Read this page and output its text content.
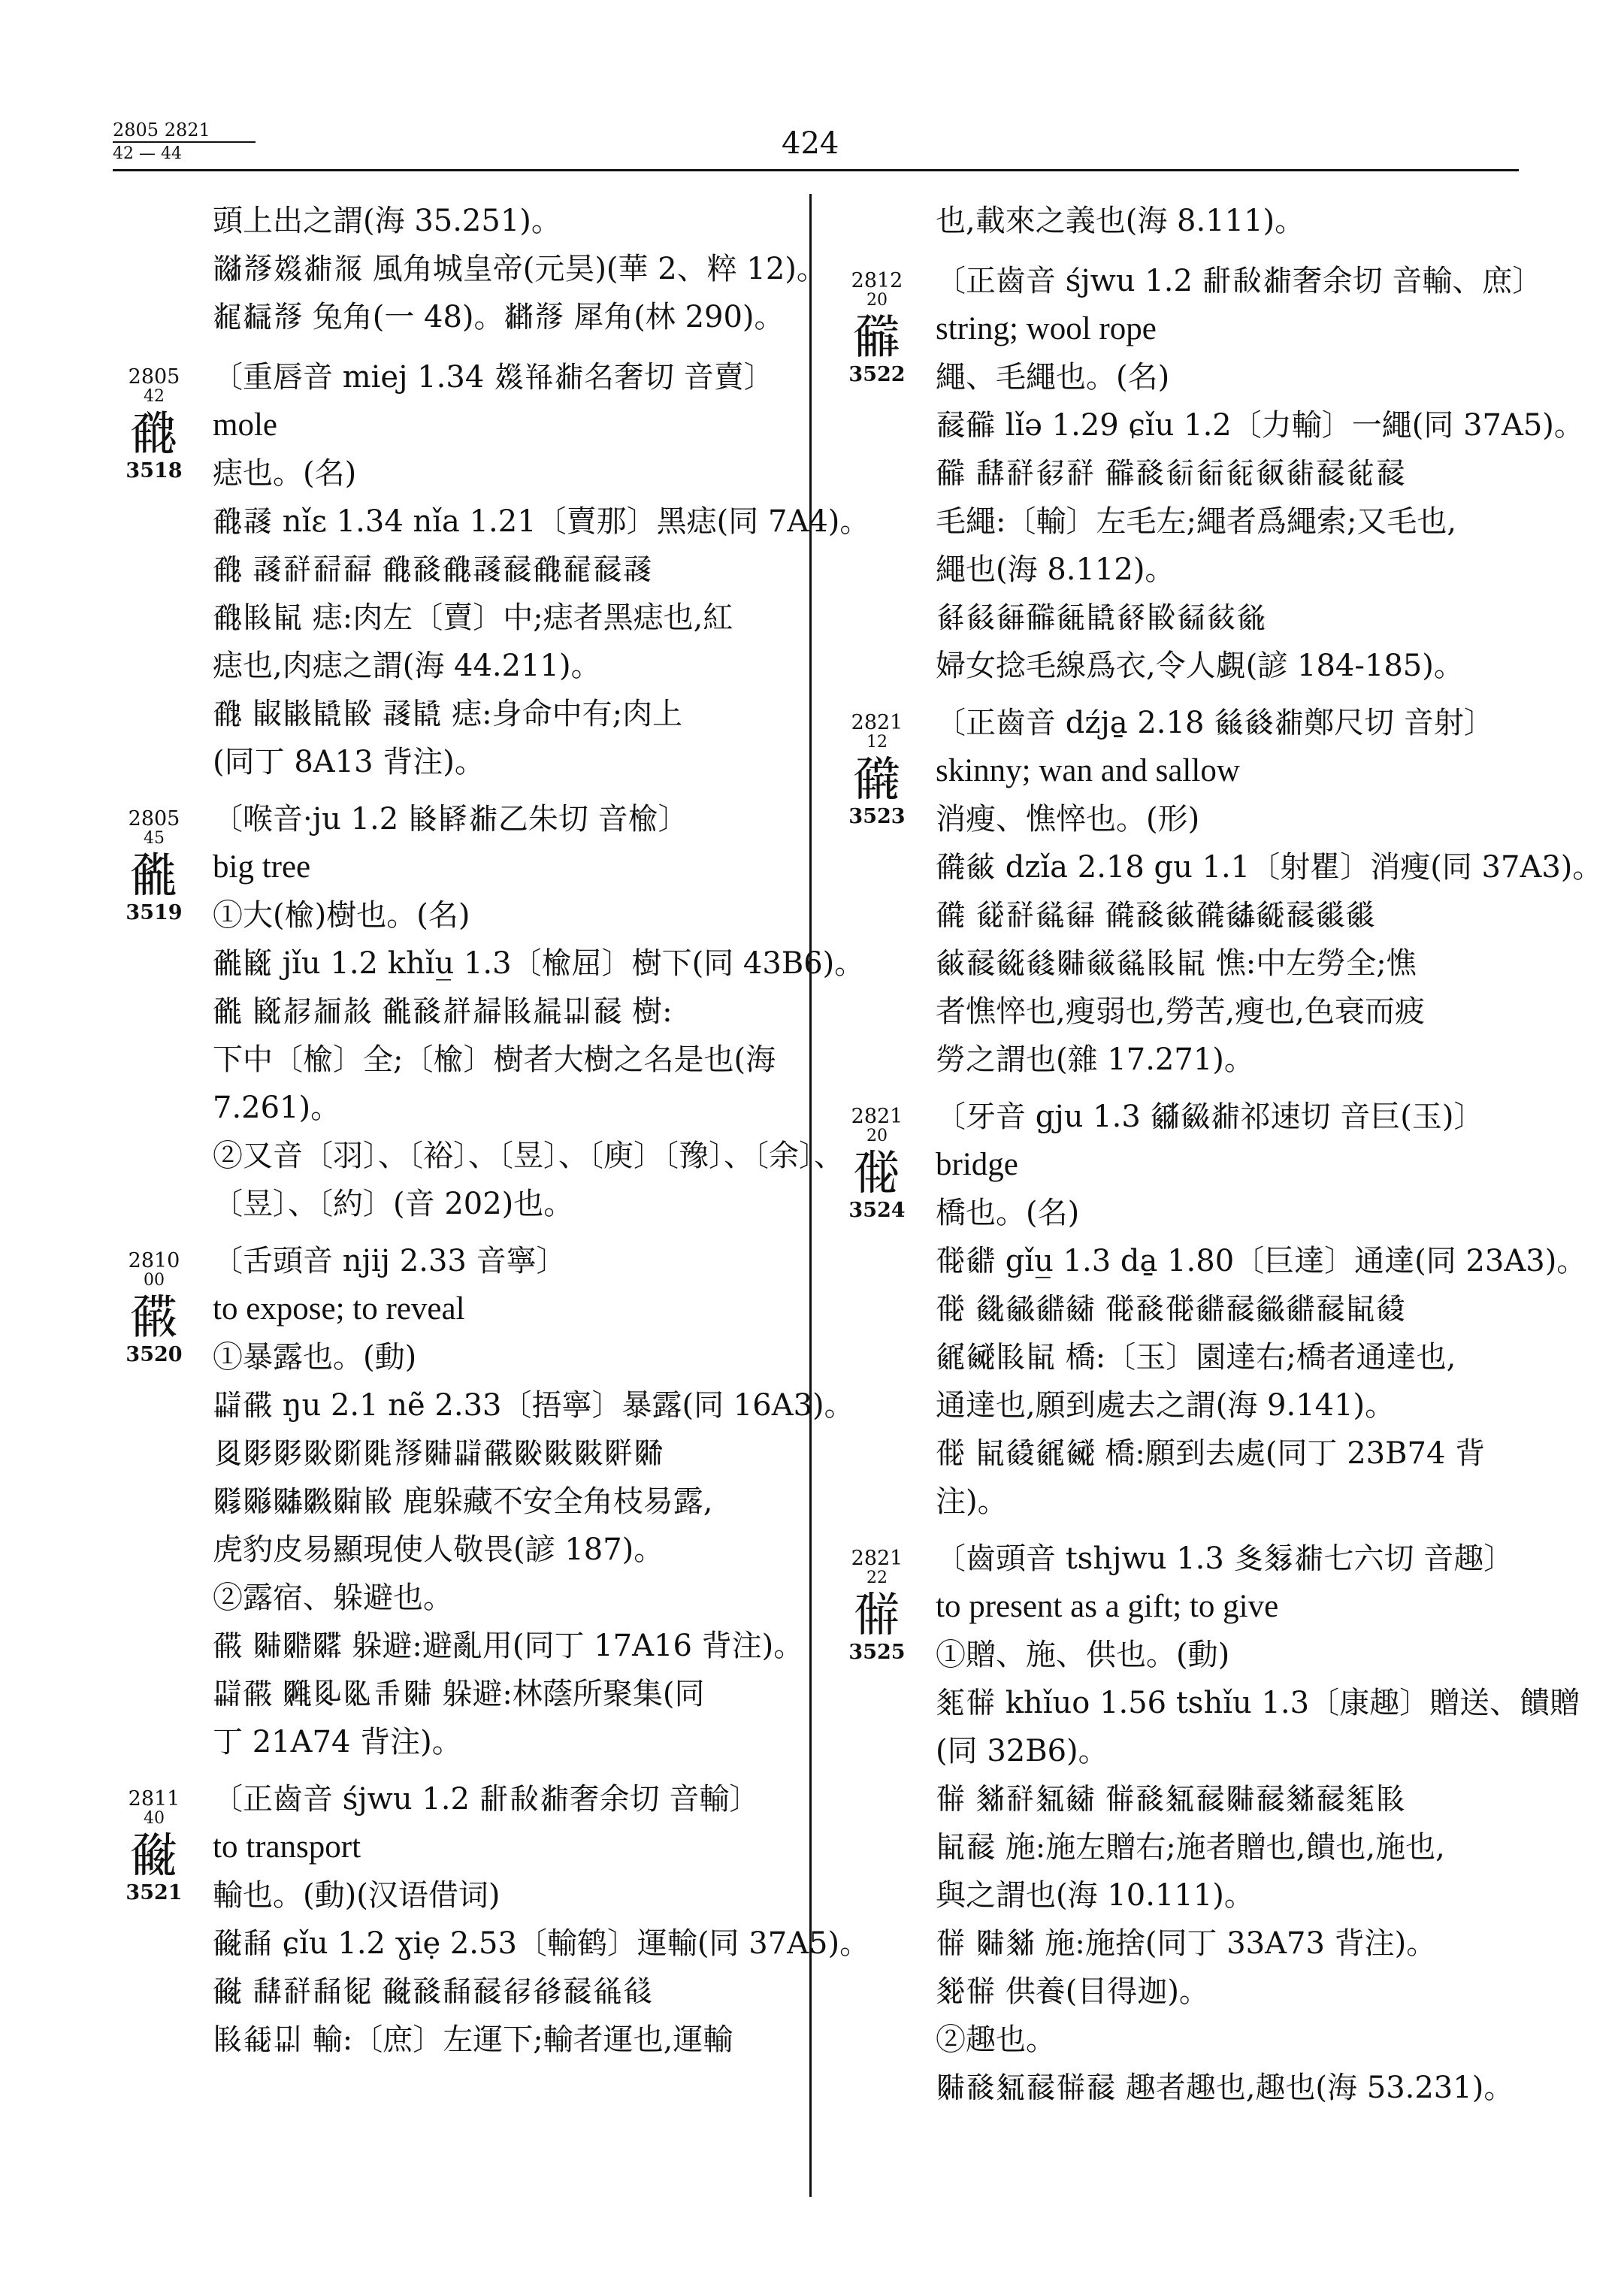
2805 2821
42 — 44	424
頭上出之謂(海 35.251)。
𘁳𘃡𘀺𘂍𘃊 風角城皇帝(元昊)(華 2、粹 12)。
𘂢𘂣𘃡 兔角(一 48)。𘂤𘃡 犀角(林 290)。
2805
42
𘇈
3518
〔重唇音 miej 1.34 𘀺𘁅𘂍名奢切 音賣〕
mole
痣也。(名)
𘇈𘈲 nǐɛ 1.34 nǐa 1.21〔賣那〕黑痣(同 7A4)。
𘇈 𘈲𘈴𘈵𘈶 𘇈𘈷𘇈𘈲𘈸𘇈𘈹𘈸𘈲
𘇈𘈺𘈻 痣:肉左〔賣〕中;痣者黑痣也,紅
痣也,肉痣之謂(海 44.211)。
𘇈 𘈼𘈽𘈾𘈿 𘈲𘈾 痣:身命中有;肉上
(同丁 8A13 背注)。
2805
45
𘇉
3519
〔喉音·ju 1.2 𘉀𘉁𘂍乙朱切 音楡〕
big tree
①大(楡)樹也。(名)
𘇉𘉂 jǐu 1.2 khǐu̲ 1.3〔楡屈〕樹下(同 43B6)。
𘇉 𘉂𘉃𘉄𘉅 𘇉𘈷𘉆𘉇𘈺𘉈𘉉𘈸 樹:
下中〔楡〕全;〔楡〕樹者大樹之名是也(海
7.261)。
②又音〔羽〕、〔裕〕、〔昱〕、〔庾〕〔豫〕、〔余〕、
〔昱〕、〔約〕(音 202)也。
2810
00
𘇊
3520
〔舌頭音 njij 2.33 音寧〕
to expose; to reveal
①暴露也。(動)
𘉊𘇊 ŋu 2.1 nẽ 2.33〔捂寧〕暴露(同 16A3)。
𘉋𘉌𘉌𘉍𘉎𘉏𘃡𘉐𘉊𘇊𘉑𘉒𘉒𘉓𘉔
𘉕𘉖𘉗𘉘𘉙𘈿 鹿躲藏不安全角枝易露,
虎豹皮易顯現使人敬畏(諺 187)。
②露宿、躲避也。
𘇊 𘉐𘉚𘉛 躲避:避亂用(同丁 17A16 背注)。
𘉊𘇊 𘉜𘉝𘉞𘉟𘉐 躲避:林蔭所聚集(同
丁 21A74 背注)。
2811
40
𘇋
3521
〔正齒音 śjwu 1.2 𘉠𘉡𘂍奢余切 音輸〕
to transport
輸也。(動)(汉语借词)
𘇋𘉢 ɕǐu 1.2 ɣiẹ 2.53〔輸鹤〕運輸(同 37A5)。
𘇋 𘉣𘈴𘉢𘉤 𘇋𘈷𘉢𘈸𘉥𘉦𘈸𘉧𘉨
𘈺𘉩𘉉 輸:〔庶〕左運下;輸者運也,運輸
也,載來之義也(海 8.111)。
2812
20
𘇌
3522
〔正齒音 śjwu 1.2 𘉠𘉡𘂍奢余切 音輸、庶〕
string; wool rope
繩、毛繩也。(名)
𘈸𘇌 lǐə 1.29 ɕǐu 1.2〔力輸〕一繩(同 37A5)。
𘇌 𘉣𘈴𘉪𘈴 𘇌𘈷𘉫𘉬𘉭𘉮𘉯𘈸𘉰𘈸
毛繩:〔輸〕左毛左;繩者爲繩索;又毛也,
繩也(海 8.112)。
𘉱𘉲𘉳𘇌𘉴𘈾𘉵𘈿𘉶𘉷𘉸
婦女捻毛線爲衣,令人覷(諺 184-185)。
2821
12
𘇍
3523
〔正齒音 dźja̱ 2.18 𘉹𘉺𘂍鄭尺切 音射〕
skinny; wan and sallow
消瘦、憔悴也。(形)
𘇍𘉻 dzǐa 2.18 gu 1.1〔射瞿〕消瘦(同 37A3)。
𘇍 𘉼𘈴𘉽𘉾 𘇍𘈷𘉻𘇍𘉿𘊀𘈸𘊁𘊁
𘉻𘈸𘊂𘊃𘉐𘊄𘉽𘈺𘈻 憔:中左勞全;憔
者憔悴也,瘦弱也,勞苦,瘦也,色衰而疲
勞之謂也(雜 17.271)。
2821
20
𘇎
3524
〔牙音 gju 1.3 𘊅𘊆𘂍祁速切 音巨(玉)〕
bridge
橋也。(名)
𘇎𘊇 gǐu̲ 1.3 da̱ 1.80〔巨達〕通達(同 23A3)。
𘇎 𘊈𘊉𘊇𘊊 𘇎𘈷𘇎𘊇𘈸𘊋𘊇𘈸𘈻𘊌
𘊍𘊎𘈺𘈻 橋:〔玉〕園達右;橋者通達也,
通達也,願到處去之謂(海 9.141)。
𘇎 𘈻𘊌𘊍𘊎 橋:願到去處(同丁 23B74 背
注)。
2821
22
𘇏
3525
〔齒頭音 tshjwu 1.3 𘊏𘊐𘂍七六切 音趣〕
to present as a gift; to give
①贈、施、供也。(動)
𘊑𘇏 khǐuo 1.56 tshǐu 1.3〔康趣〕贈送、饋贈
(同 32B6)。
𘇏 𘊒𘈴𘊓𘊊 𘇏𘈷𘊓𘈸𘉐𘈸𘊒𘈸𘊑𘈺
𘈻𘈸 施:施左贈右;施者贈也,饋也,施也,
與之謂也(海 10.111)。
𘇏 𘉐𘊒 施:施捨(同丁 33A73 背注)。
𘊔𘇏 供養(目得迦)。
②趣也。
𘉐𘈷𘊓𘈸𘇏𘈸 趣者趣也,趣也(海 53.231)。
